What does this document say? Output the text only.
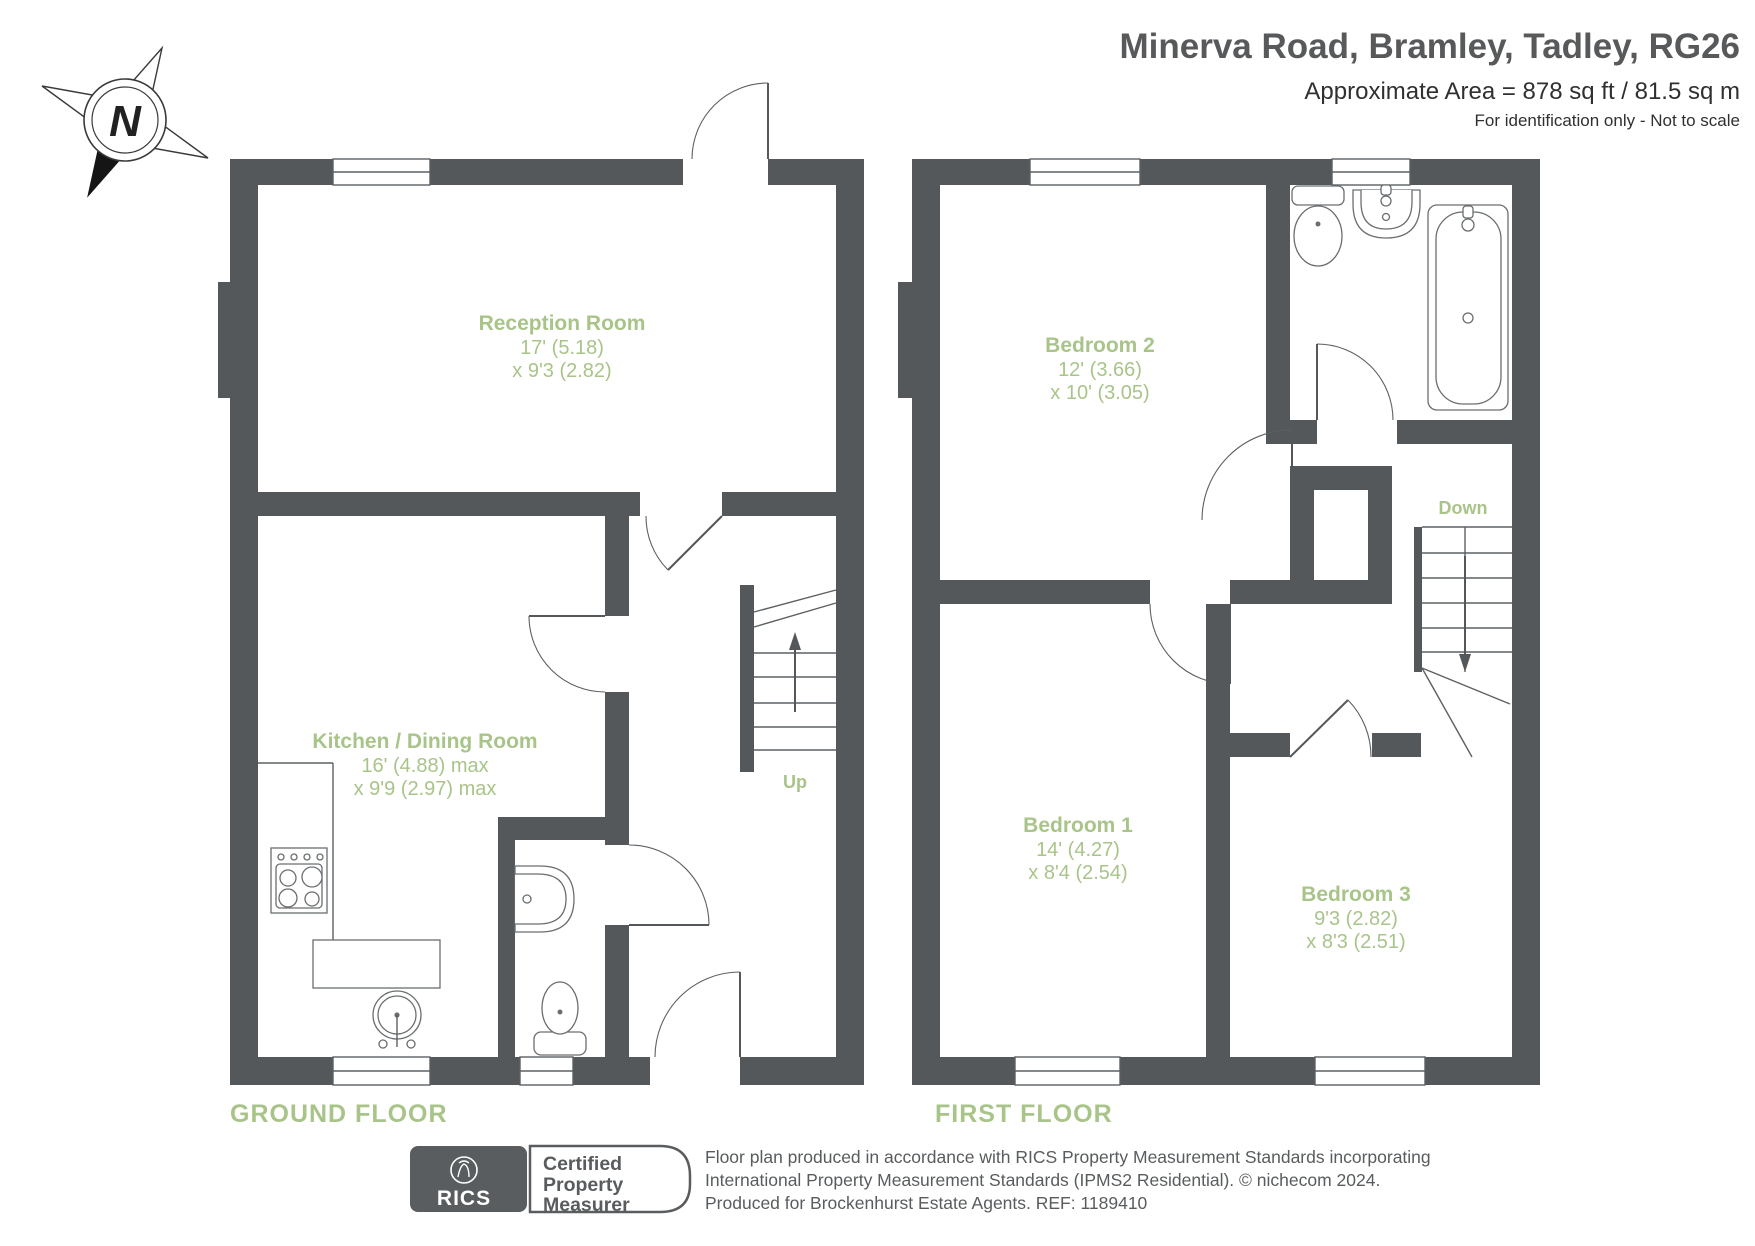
Minerva Road, Bramley, Tadley, RG26
Approximate Area = 878 sq ft / 81.5 sq m
For identification only - Not to scale
N
Up
Reception Room
17' (5.18)
x 9'3 (2.82)
Kitchen / Dining Room
16' (4.88) max
x 9'9 (2.97) max
GROUND FLOOR
Down
Bedroom 2
12' (3.66)
x 10' (3.05)
Bedroom 1
14' (4.27)
x 8'4 (2.54)
Bedroom 3
9'3 (2.82)
x 8'3 (2.51)
FIRST FLOOR
RICS
Certified
Property
Measurer
Floor plan produced in accordance with RICS Property Measurement Standards incorporating
International Property Measurement Standards (IPMS2 Residential). © nichecom 2024.
Produced for Brockenhurst Estate Agents. REF: 1189410
